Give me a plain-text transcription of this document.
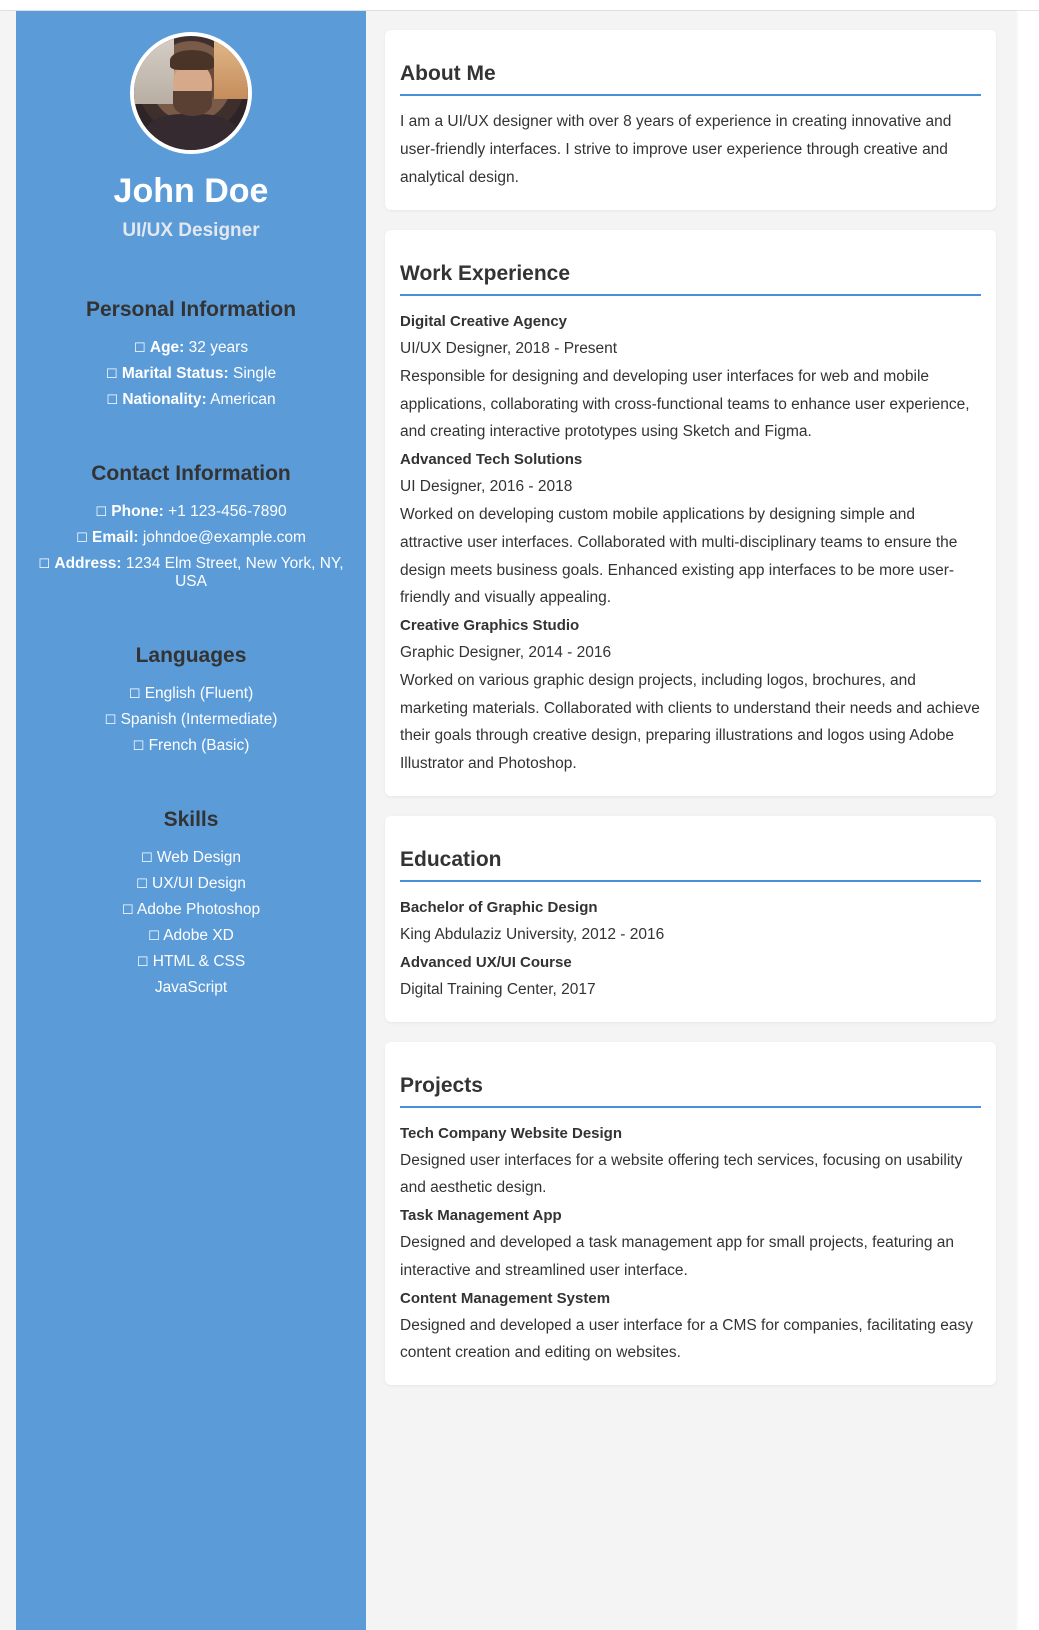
John Doe
UI/UX Designer
Personal Information
☐ Age: 32 years
☐ Marital Status: Single
☐ Nationality: American
Contact Information
☐ Phone: +1 123-456-7890
☐ Email: johndoe@example.com
☐ Address: 1234 Elm Street, New York, NY, USA
Languages
☐ English (Fluent)
☐ Spanish (Intermediate)
☐ French (Basic)
Skills
☐ Web Design
☐ UX/UI Design
☐ Adobe Photoshop
☐ Adobe XD
☐ HTML & CSS
JavaScript
About Me

I am a UI/UX designer with over 8 years of experience in creating innovative and user-friendly interfaces. I strive to improve user experience through creative and analytical design.

Work Experience
Digital Creative Agency
UI/UX Designer, 2018 - Present
Responsible for designing and developing user interfaces for web and mobile applications, collaborating with cross-functional teams to enhance user experience, and creating interactive prototypes using Sketch and Figma.
Advanced Tech Solutions
UI Designer, 2016 - 2018
Worked on developing custom mobile applications by designing simple and attractive user interfaces. Collaborated with multi-disciplinary teams to ensure the design meets business goals. Enhanced existing app interfaces to be more user-friendly and visually appealing.
Creative Graphics Studio
Graphic Designer, 2014 - 2016
Worked on various graphic design projects, including logos, brochures, and marketing materials. Collaborated with clients to understand their needs and achieve their goals through creative design, preparing illustrations and logos using Adobe Illustrator and Photoshop.
Education
Bachelor of Graphic Design
King Abdulaziz University, 2012 - 2016
Advanced UX/UI Course
Digital Training Center, 2017
Projects
Tech Company Website Design
Designed user interfaces for a website offering tech services, focusing on usability and aesthetic design.
Task Management App
Designed and developed a task management app for small projects, featuring an interactive and streamlined user interface.
Content Management System
Designed and developed a user interface for a CMS for companies, facilitating easy content creation and editing on websites.
